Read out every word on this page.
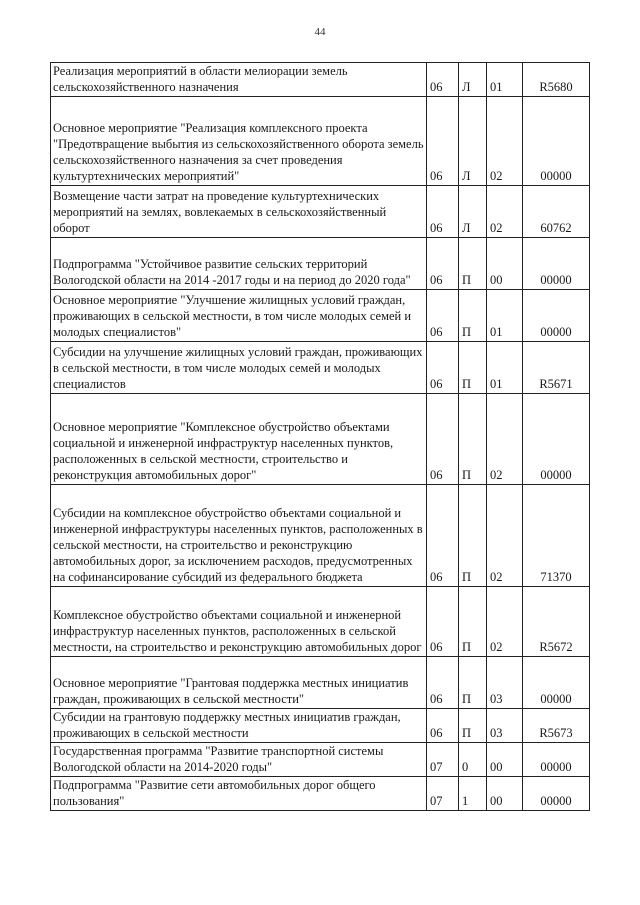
44
Реализация мероприятий в области мелиорации земель сельскохозяйственного назначения	06	Л	01	R5680
Основное мероприятие "Реализация комплексного проекта "Предотвращение выбытия из сельскохозяйственного оборота земель сельскохозяйственного назначения за счет проведения культуртехнических мероприятий"	06	Л	02	00000
Возмещение части затрат на проведение культуртехнических мероприятий на землях, вовлекаемых в сельскохозяйственный оборот	06	Л	02	60762
Подпрограмма "Устойчивое развитие сельских территорий Вологодской области на 2014 -2017 годы и на период до 2020 года"	06	П	00	00000
Основное мероприятие "Улучшение жилищных условий граждан, проживающих в сельской местности, в том числе молодых семей и молодых специалистов"	06	П	01	00000
Субсидии на улучшение жилищных условий граждан, проживающих в сельской местности, в том числе молодых семей и молодых специалистов	06	П	01	R5671
Основное мероприятие "Комплексное обустройство объектами социальной и инженерной инфраструктур населенных пунктов, расположенных в сельской местности, строительство и реконструкция автомобильных дорог"	06	П	02	00000
Субсидии на комплексное обустройство объектами социальной и инженерной инфраструктуры населенных пунктов, расположенных в сельской местности, на строительство и реконструкцию автомобильных дорог, за исключением расходов, предусмотренных на софинансирование субсидий из федерального бюджета	06	П	02	71370
Комплексное обустройство объектами социальной и инженерной инфраструктур населенных пунктов, расположенных в сельской местности, на строительство и реконструкцию автомобильных дорог	06	П	02	R5672
Основное мероприятие "Грантовая поддержка местных инициатив граждан, проживающих в сельской местности"	06	П	03	00000
Субсидии на грантовую поддержку местных инициатив граждан, проживающих в сельской местности	06	П	03	R5673
Государственная программа "Развитие транспортной системы Вологодской области на 2014-2020 годы"	07	0	00	00000
Подпрограмма "Развитие сети автомобильных дорог общего пользования"	07	1	00	00000
